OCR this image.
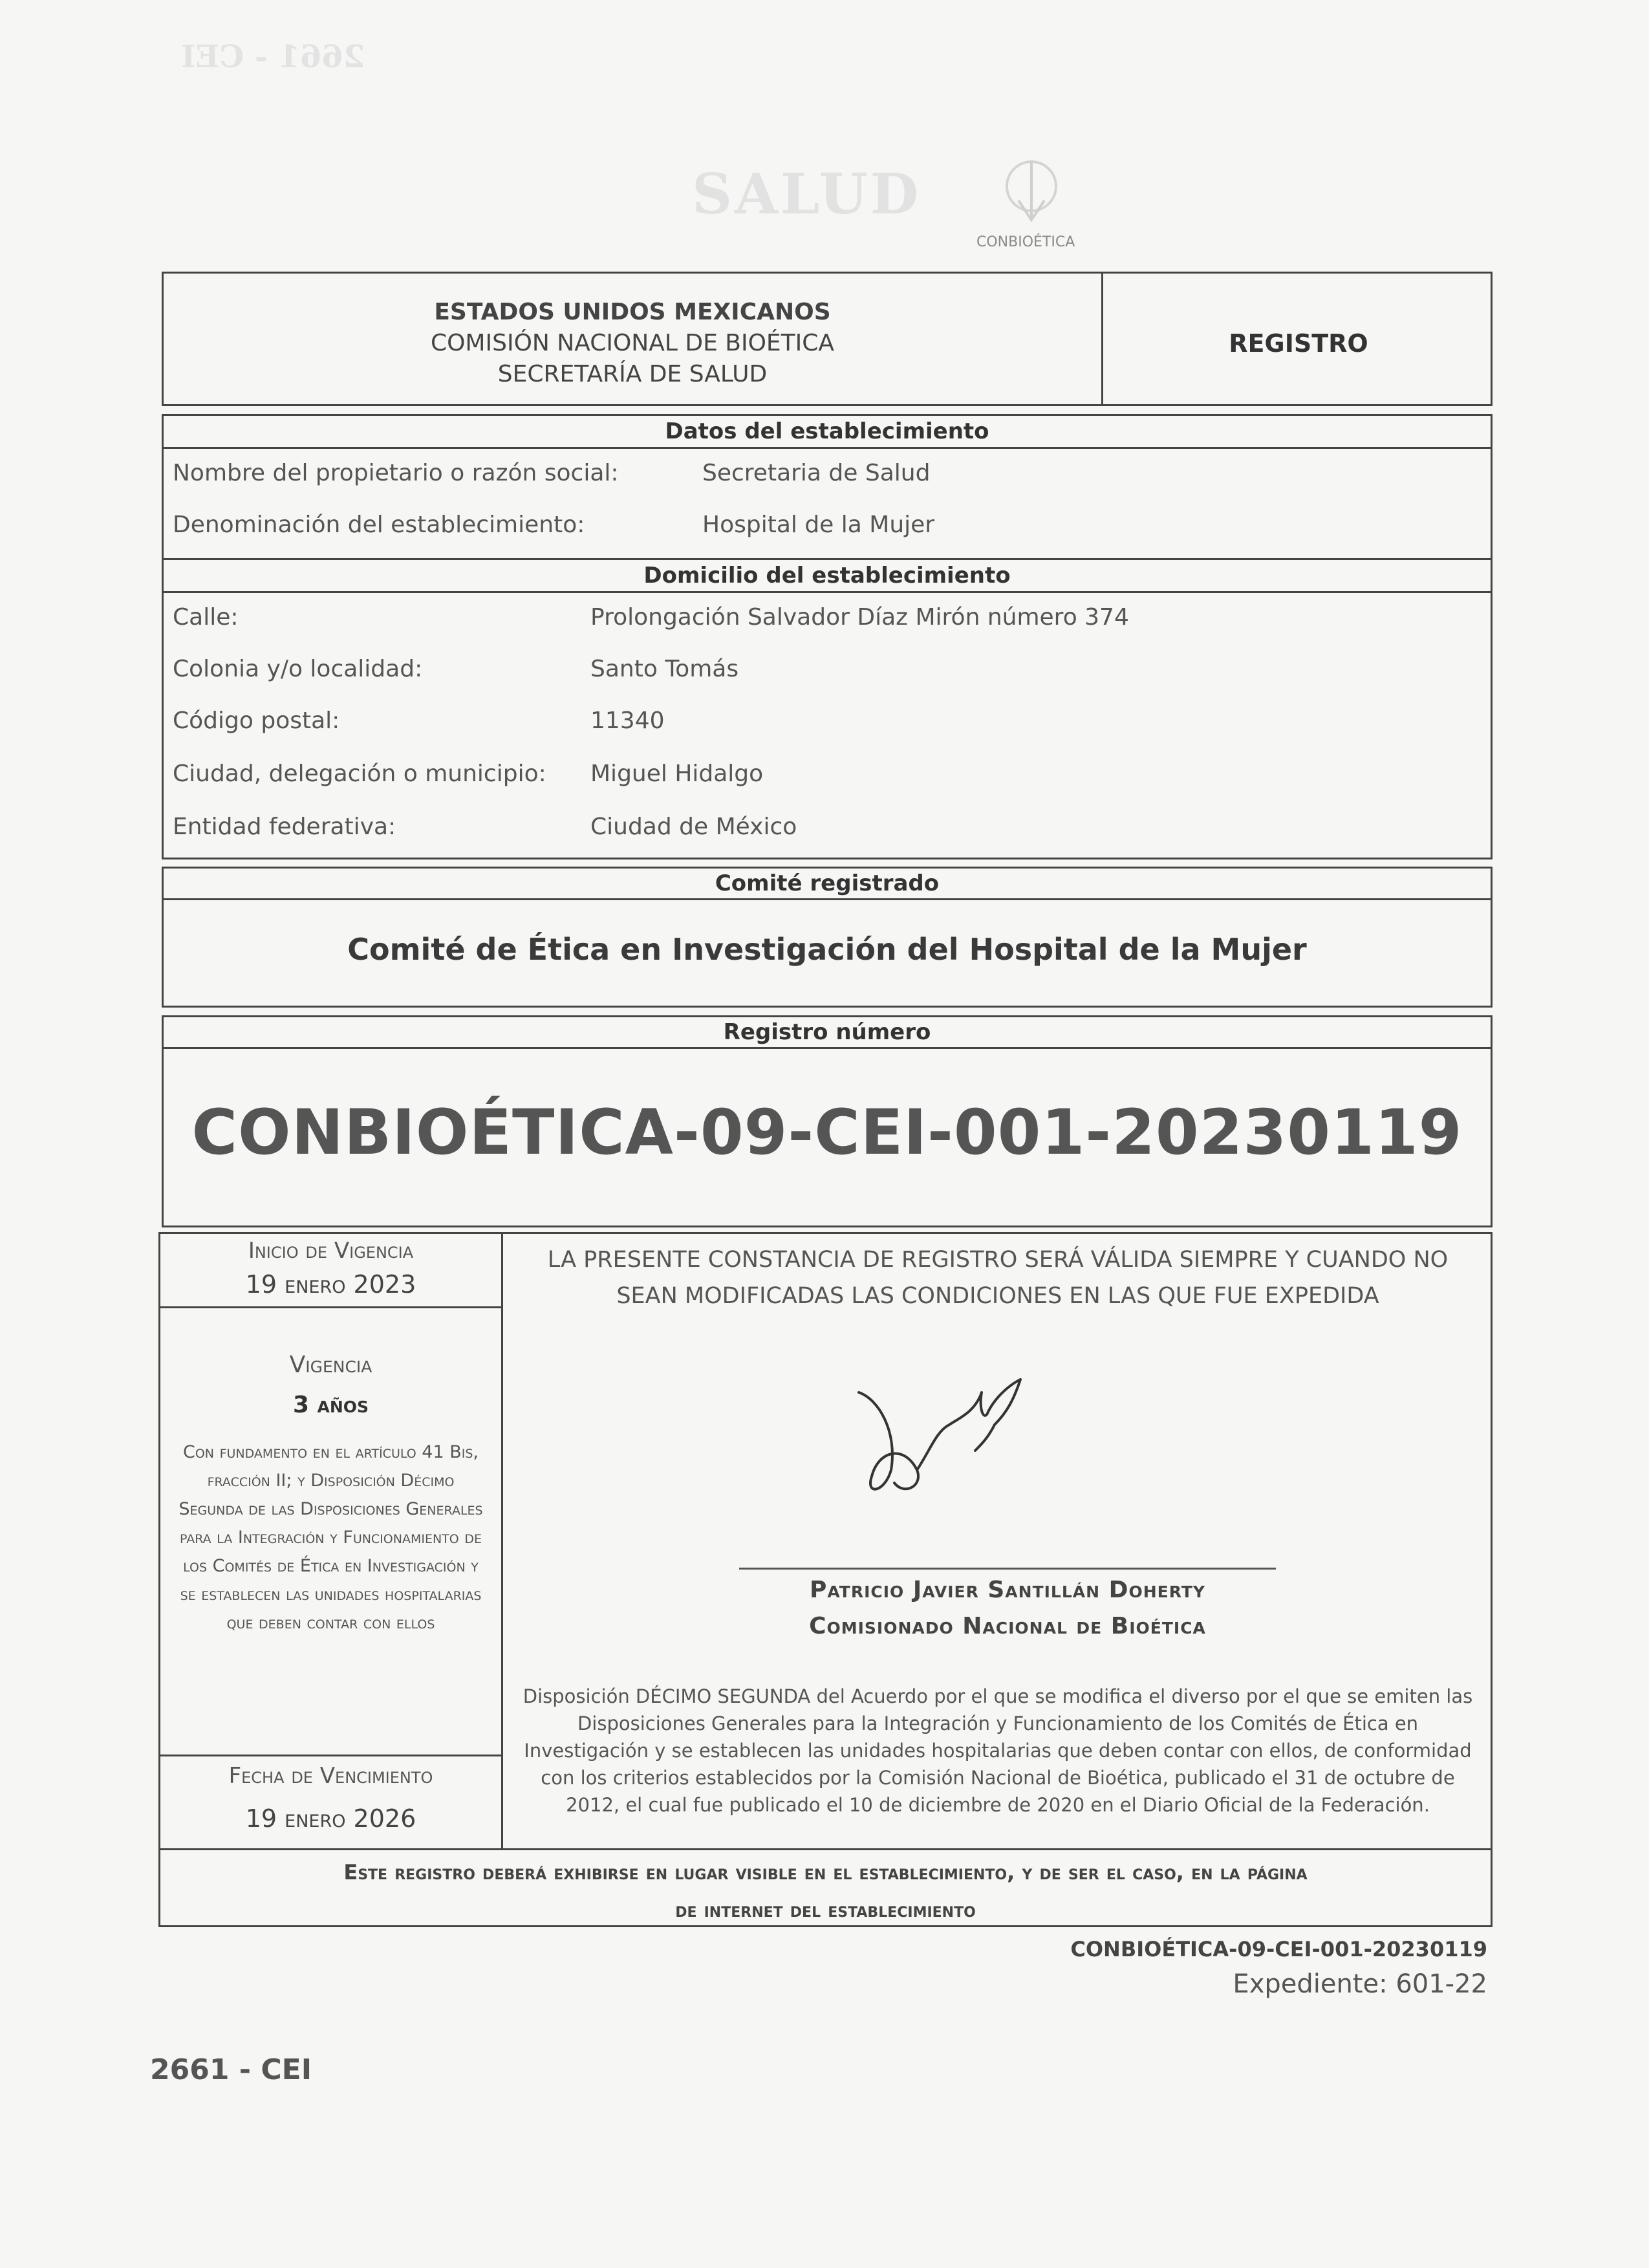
2661 - CEI
SALUD
CONBIOÉTICA
ESTADOS UNIDOS MEXICANOS
COMISIÓN NACIONAL DE BIOÉTICA
SECRETARÍA DE SALUD
REGISTRO
Datos del establecimiento
Nombre del propietario o razón social:	Secretaria de Salud
Denominación del establecimiento:	Hospital de la Mujer
Domicilio del establecimiento
Calle:	Prolongación Salvador Díaz Mirón número 374
Colonia y/o localidad:	Santo Tomás
Código postal:	11340
Ciudad, delegación o municipio: Miguel Hidalgo
Entidad federativa:	Ciudad de México
Comité registrado
Comité de Ética en Investigación del Hospital de la Mujer
Registro número
CONBIOÉTICA-09-CEI-001-20230119
Inicio de Vigencia
19 enero 2023
Vigencia
3 años
Con fundamento en el artículo 41 Bis, fracción II; y Disposición Décimo Segunda de las Disposiciones Generales para la Integración y Funcionamiento de los Comités de Ética en Investigación y se establecen las unidades hospitalarias que deben contar con ellos
Fecha de Vencimiento
19 enero 2026
LA PRESENTE CONSTANCIA DE REGISTRO SERÁ VÁLIDA SIEMPRE Y CUANDO NO
SEAN MODIFICADAS LAS CONDICIONES EN LAS QUE FUE EXPEDIDA
Patricio Javier Santillán Doherty
Comisionado Nacional de Bioética
Disposición DÉCIMO SEGUNDA del Acuerdo por el que se modifica el diverso por el que se emiten las Disposiciones Generales para la Integración y Funcionamiento de los Comités de Ética en Investigación y se establecen las unidades hospitalarias que deben contar con ellos, de conformidad con los criterios establecidos por la Comisión Nacional de Bioética, publicado el 31 de octubre de 2012, el cual fue publicado el 10 de diciembre de 2020 en el Diario Oficial de la Federación.
Este registro deberá exhibirse en lugar visible en el establecimiento, y de ser el caso, en la página
de internet del establecimiento
CONBIOÉTICA-09-CEI-001-20230119
Expediente: 601-22
2661 - CEI
